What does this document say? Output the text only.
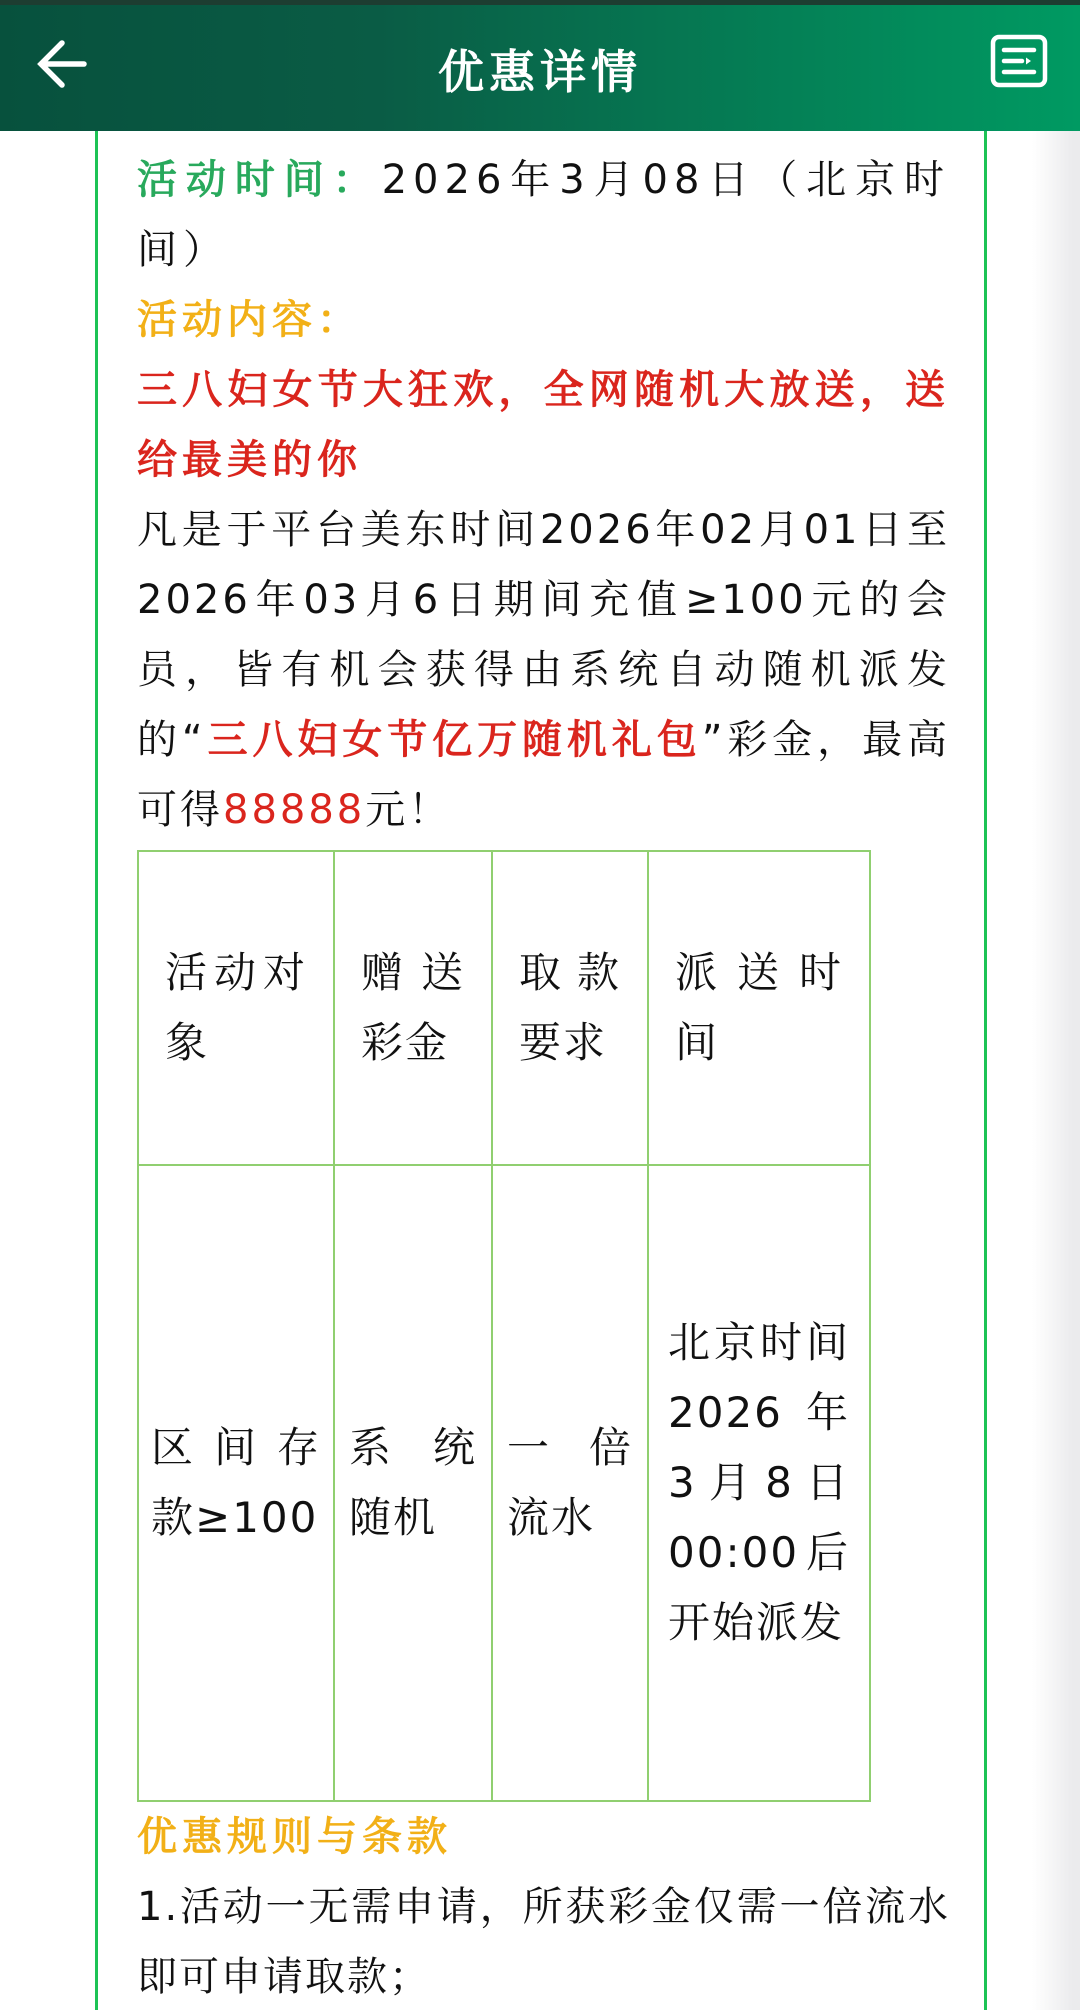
优惠详情

活动时间：2026年3月08日（北京时间）

活动内容：

三八妇女节大狂欢，全网随机大放送，送给最美的你

凡是于平台美东时间2026年02月01日至2026年03月6日期间充值≥100元的会员，皆有机会获得由系统自动随机派发的“三八妇女节亿万随机礼包”彩金，最高可得88888元！

活动对象	赠送彩金	取款要求	派送时间
区间存款≥100	系统随机	一倍流水	北京时间2026年3月8日00:00后开始派发

优惠规则与条款

1.活动一无需申请，所获彩金仅需一倍流水即可申请取款；
